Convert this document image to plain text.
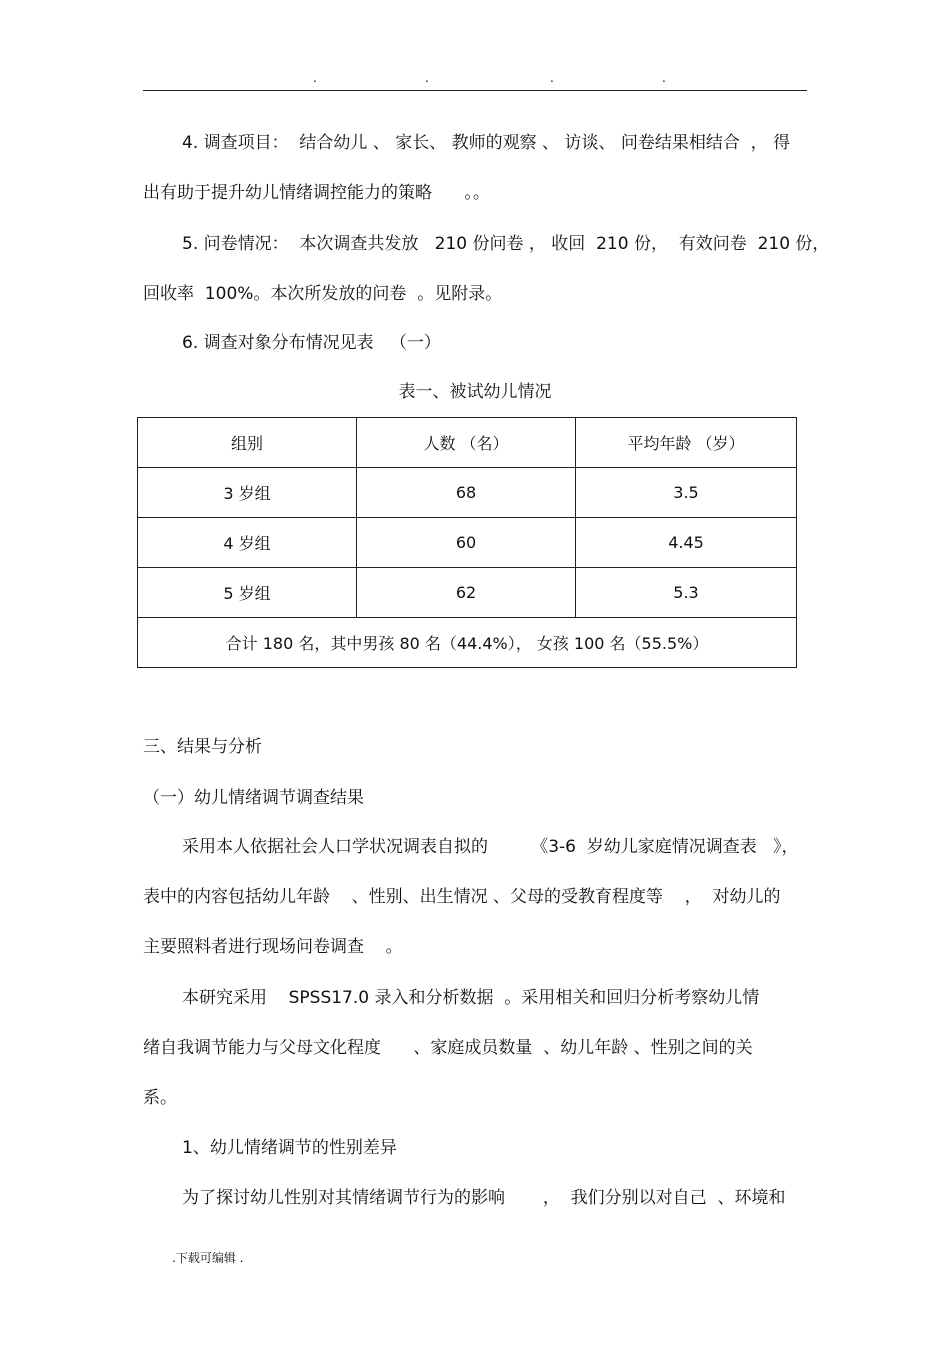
.	.	.	.
4. 调查项目：  结合幼儿 、 家长、 教师的观察 、 访谈、 问卷结果相结合  ， 得
出有助于提升幼儿情绪调控能力的策略      。。
5. 问卷情况：  本次调查共发放   210 份问卷 ， 收回  210 份，  有效问卷  210 份，
回收率  100%。本次所发放的问卷  。见附录。
6. 调查对象分布情况见表   （一）
表一、被试幼儿情况
组别	人数 （名）	平均年龄 （岁）
3 岁组	68	3.5
4 岁组	60	4.45
5 岁组	62	5.3
合计 180 名，其中男孩 80 名（44.4%）， 女孩 100 名（55.5%）		
三、结果与分析
（一）幼儿情绪调节调查结果
采用本人依据社会人口学状况调表自拟的        《3-6  岁幼儿家庭情况调查表   》，
表中的内容包括幼儿年龄    、性别、出生情况 、父母的受教育程度等    ，  对幼儿的
主要照料者进行现场问卷调查    。
本研究采用    SPSS17.0 录入和分析数据  。采用相关和回归分析考察幼儿情
绪自我调节能力与父母文化程度      、家庭成员数量  、幼儿年龄 、性别之间的关
系。
1、幼儿情绪调节的性别差异
为了探讨幼儿性别对其情绪调节行为的影响       ，  我们分别以对自己  、环境和
.下载可编辑 .
